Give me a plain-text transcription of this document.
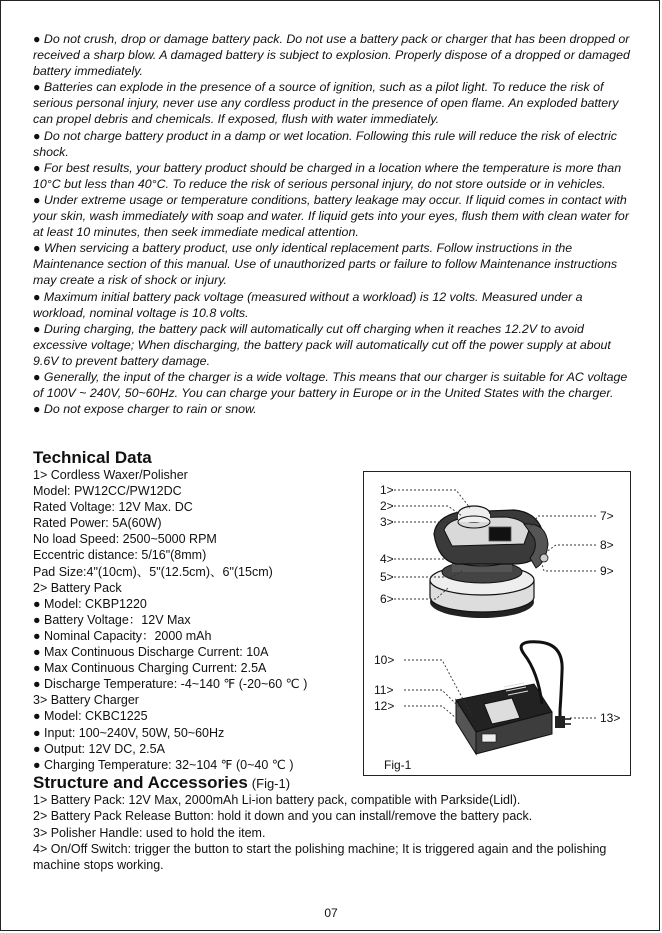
● Do not crush, drop or damage battery pack. Do not use a battery pack or charger that has been dropped or received a sharp blow. A damaged battery is subject to explosion. Properly dispose of a dropped or damaged battery immediately.

● Batteries can explode in the presence of a source of ignition, such as a pilot light. To reduce the risk of serious personal injury, never use any cordless product in the presence of open flame. An exploded battery can propel debris and chemicals. If exposed, flush with water immediately.

● Do not charge battery product in a damp or wet location. Following this rule will reduce the risk of electric shock.

● For best results, your battery product should be charged in a location where the temperature is more than 10°C but less than 40°C. To reduce the risk of serious personal injury, do not store outside or in vehicles.

● Under extreme usage or temperature conditions, battery leakage may occur. If liquid comes in contact with your skin, wash immediately with soap and water. If liquid gets into your eyes, flush them with clean water for at least 10 minutes, then seek immediate medical attention.

● When servicing a battery product, use only identical replacement parts. Follow instructions in the Maintenance section of this manual. Use of unauthorized parts or failure to follow Maintenance instructions may create a risk of shock or injury.

● Maximum initial battery pack voltage (measured without a workload) is 12 volts. Measured under a workload, nominal voltage is 10.8 volts.

● During charging, the battery pack will automatically cut off charging when it reaches 12.2V to avoid excessive voltage; When discharging, the battery pack will automatically cut off the power supply at about 9.6V to prevent battery damage.

● Generally, the input of the charger is a wide voltage. This means that our charger is suitable for AC voltage of 100V ~ 240V, 50~60Hz. You can charge your battery in Europe or in the United States with the charger.

● Do not expose charger to rain or snow.

Technical Data

1> Cordless Waxer/Polisher

Model: PW12CC/PW12DC

Rated Voltage: 12V Max. DC

Rated Power: 5A(60W)

No load Speed: 2500~5000 RPM

Eccentric distance: 5/16"(8mm)

Pad Size:4"(10cm)、5"(12.5cm)、6"(15cm)

2> Battery Pack

● Model: CKBP1220

● Battery Voltage：12V Max

● Nominal Capacity：2000 mAh

● Max Continuous Discharge Current: 10A

● Max Continuous Charging Current: 2.5A

● Discharge Temperature: -4~140 ℉ (-20~60 ℃ )

3> Battery Charger

● Model: CKBC1225

● Input: 100~240V, 50W, 50~60Hz

● Output: 12V DC, 2.5A

● Charging Temperature: 32~104 ℉ (0~40 ℃ )

1>
2>
3>
4>
5>
6>
10>
11>
12>
7>
8>
9>
13>
Fig-1
Structure and Accessories (Fig-1)

1> Battery Pack: 12V Max, 2000mAh Li-ion battery pack, compatible with Parkside(Lidl).

2> Battery Pack Release Button: hold it down and you can install/remove the battery pack.

3> Polisher Handle: used to hold the item.

4> On/Off Switch: trigger the button to start the polishing machine; It is triggered again and the polishing machine stops working.

07
